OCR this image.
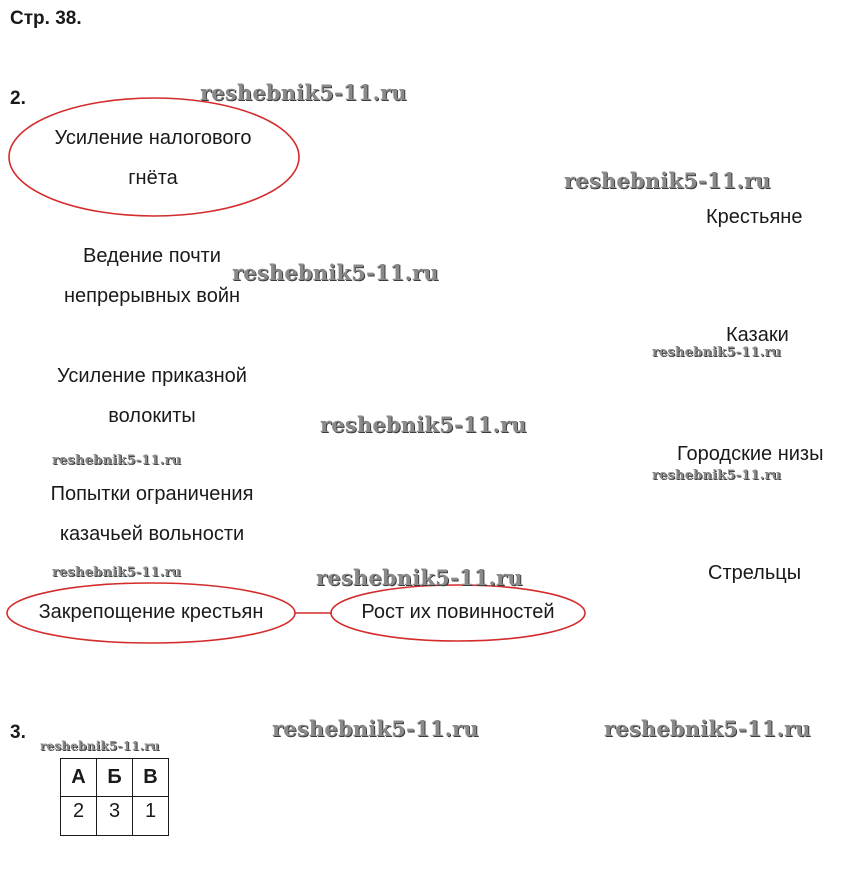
Стр. 38.
2.
Усиление налогового
гнёта
Ведение почти
непрерывных войн
Усиление приказной
волокиты
Попытки ограничения
казачьей вольности
Закрепощение крестьян	Рост их повинностей
Крестьяне
Казаки
Городские низы
Стрельцы
3.
А	Б	В
2	3	1
reshebnik5-11.ru
reshebnik5-11.ru
reshebnik5-11.ru
reshebnik5-11.ru
reshebnik5-11.ru
reshebnik5-11.ru
reshebnik5-11.ru
reshebnik5-11.ru	reshebnik5-11.ru
reshebnik5-11.ru	reshebnik5-11.ru
reshebnik5-11.ru
